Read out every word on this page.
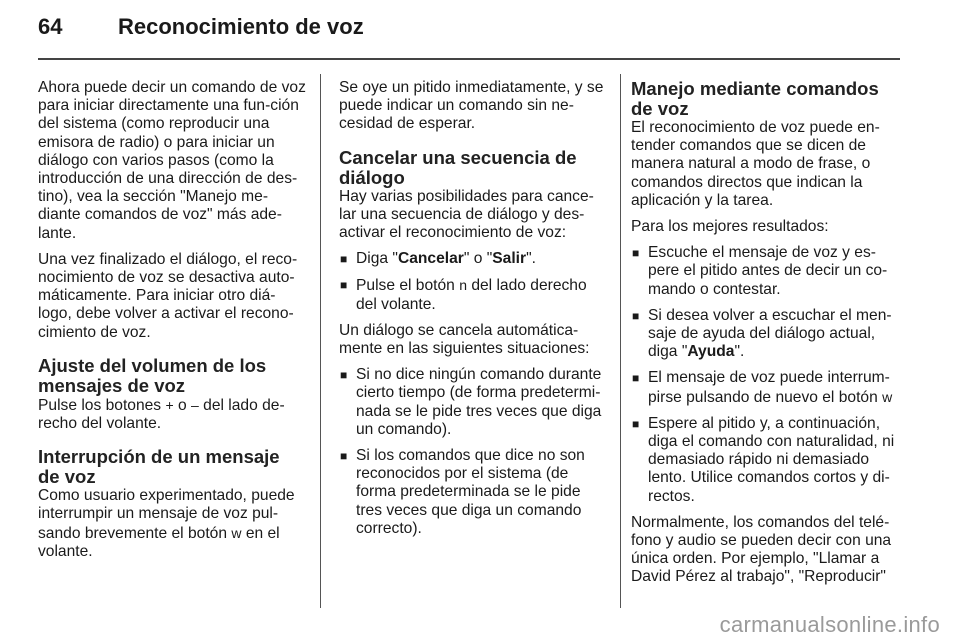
64	Reconocimiento de voz

Ahora puede decir un comando de voz para iniciar directamente una fun-ción del sistema (como reproducir una emisora de radio) o para iniciar un diálogo con varios pasos (como la introducción de una dirección de des-tino), vea la sección "Manejo me-diante comandos de voz" más ade-lante.

Una vez finalizado el diálogo, el reco-nocimiento de voz se desactiva auto-máticamente. Para iniciar otro diá-logo, debe volver a activar el recono-cimiento de voz.

Ajuste del volumen de los mensajes de voz

Pulse los botones + o – del lado de-recho del volante.

Interrupción de un mensaje de voz

Como usuario experimentado, puede interrumpir un mensaje de voz pul-sando brevemente el botón w en el volante.

Se oye un pitido inmediatamente, y se puede indicar un comando sin ne-cesidad de esperar.

Cancelar una secuencia de diálogo

Hay varias posibilidades para cance-lar una secuencia de diálogo y des-activar el reconocimiento de voz:

■ Diga "Cancelar" o "Salir".
■ Pulse el botón n del lado derecho del volante.

Un diálogo se cancela automática-mente en las siguientes situaciones:

■ Si no dice ningún comando durante cierto tiempo (de forma predetermi-nada se le pide tres veces que diga un comando).
■ Si los comandos que dice no son reconocidos por el sistema (de forma predeterminada se le pide tres veces que diga un comando correcto).
Manejo mediante comandos de voz

El reconocimiento de voz puede en-tender comandos que se dicen de manera natural a modo de frase, o comandos directos que indican la aplicación y la tarea.

Para los mejores resultados:

■ Escuche el mensaje de voz y es-pere el pitido antes de decir un co-mando o contestar.
■ Si desea volver a escuchar el men-saje de ayuda del diálogo actual, diga "Ayuda".
■ El mensaje de voz puede interrum-pirse pulsando de nuevo el botón w
■ Espere al pitido y, a continuación, diga el comando con naturalidad, ni demasiado rápido ni demasiado lento. Utilice comandos cortos y di-rectos.

Normalmente, los comandos del telé-fono y audio se pueden decir con una única orden. Por ejemplo, "Llamar a David Pérez al trabajo", "Reproducir"

carmanualsonline.info
